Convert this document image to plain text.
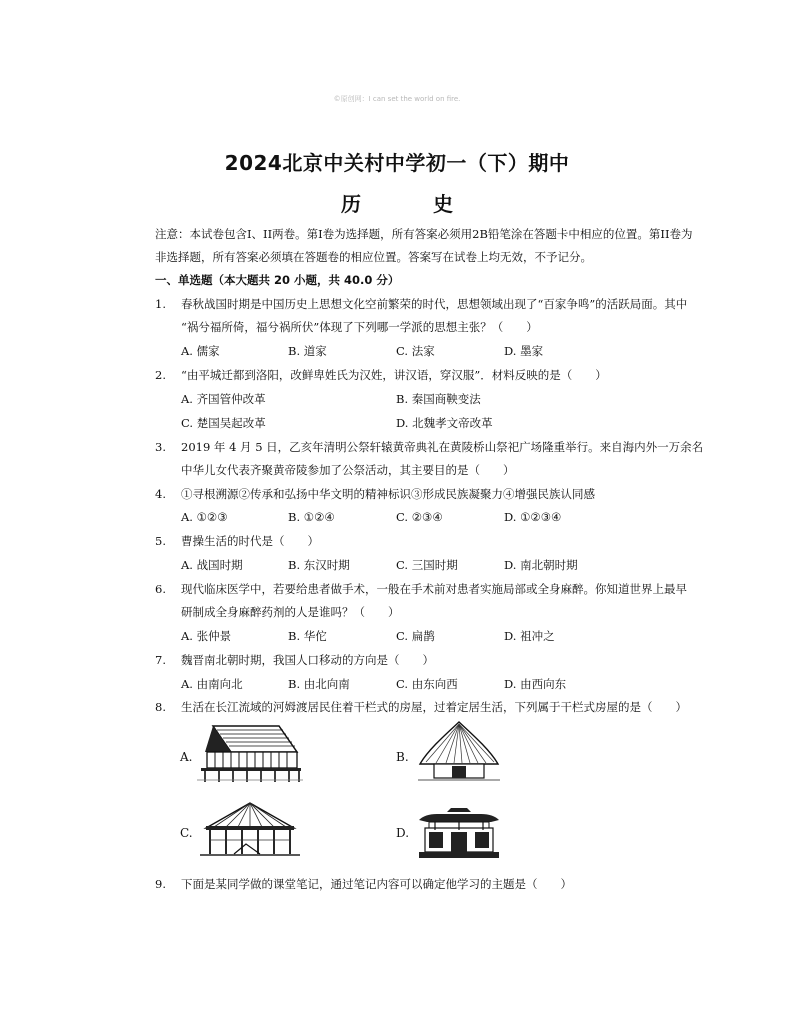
©原创网：I can set the world on fire.
2024北京中关村中学初一（下）期中
历　史
注意：本试卷包含I、II两卷。第I卷为选择题，所有答案必须用2B铅笔涂在答题卡中相应的位置。第II卷为
非选择题，所有答案必须填在答题卷的相应位置。答案写在试卷上均无效，不予记分。
一、单选题（本大题共 20 小题，共 40.0 分）
1. 春秋战国时期是中国历史上思想文化空前繁荣的时代，思想领域出现了“百家争鸣”的活跃局面。其中
“祸兮福所倚，福兮祸所伏”体现了下列哪一学派的思想主张？（　　）
A. 儒家	B. 道家	C. 法家	D. 墨家
2. “由平城迁都到洛阳，改鲜卑姓氏为汉姓，讲汉语，穿汉服”．材料反映的是（　　）
A. 齐国管仲改革	B. 秦国商鞅变法
C. 楚国吴起改革	D. 北魏孝文帝改革
3. 2019 年 4 月 5 日，乙亥年清明公祭轩辕黄帝典礼在黄陵桥山祭祀广场隆重举行。来自海内外一万余名
中华儿女代表齐聚黄帝陵参加了公祭活动，其主要目的是（　　）
4. ①寻根溯源②传承和弘扬中华文明的精神标识③形成民族凝聚力④增强民族认同感
A. ①②③	B. ①②④	C. ②③④	D. ①②③④
5. 曹操生活的时代是（　　）
A. 战国时期	B. 东汉时期	C. 三国时期	D. 南北朝时期
6. 现代临床医学中，若要给患者做手术，一般在手术前对患者实施局部或全身麻醉。你知道世界上最早
研制成全身麻醉药剂的人是谁吗？（　　）
A. 张仲景	B. 华佗	C. 扁鹊	D. 祖冲之
7. 魏晋南北朝时期，我国人口移动的方向是（　　）
A. 由南向北	B. 由北向南	C. 由东向西	D. 由西向东
8. 生活在长江流域的河姆渡居民住着干栏式的房屋，过着定居生活，下列属于干栏式房屋的是（　　）
A.	B.
C.	D.
9. 下面是某同学做的课堂笔记，通过笔记内容可以确定他学习的主题是（　　）
